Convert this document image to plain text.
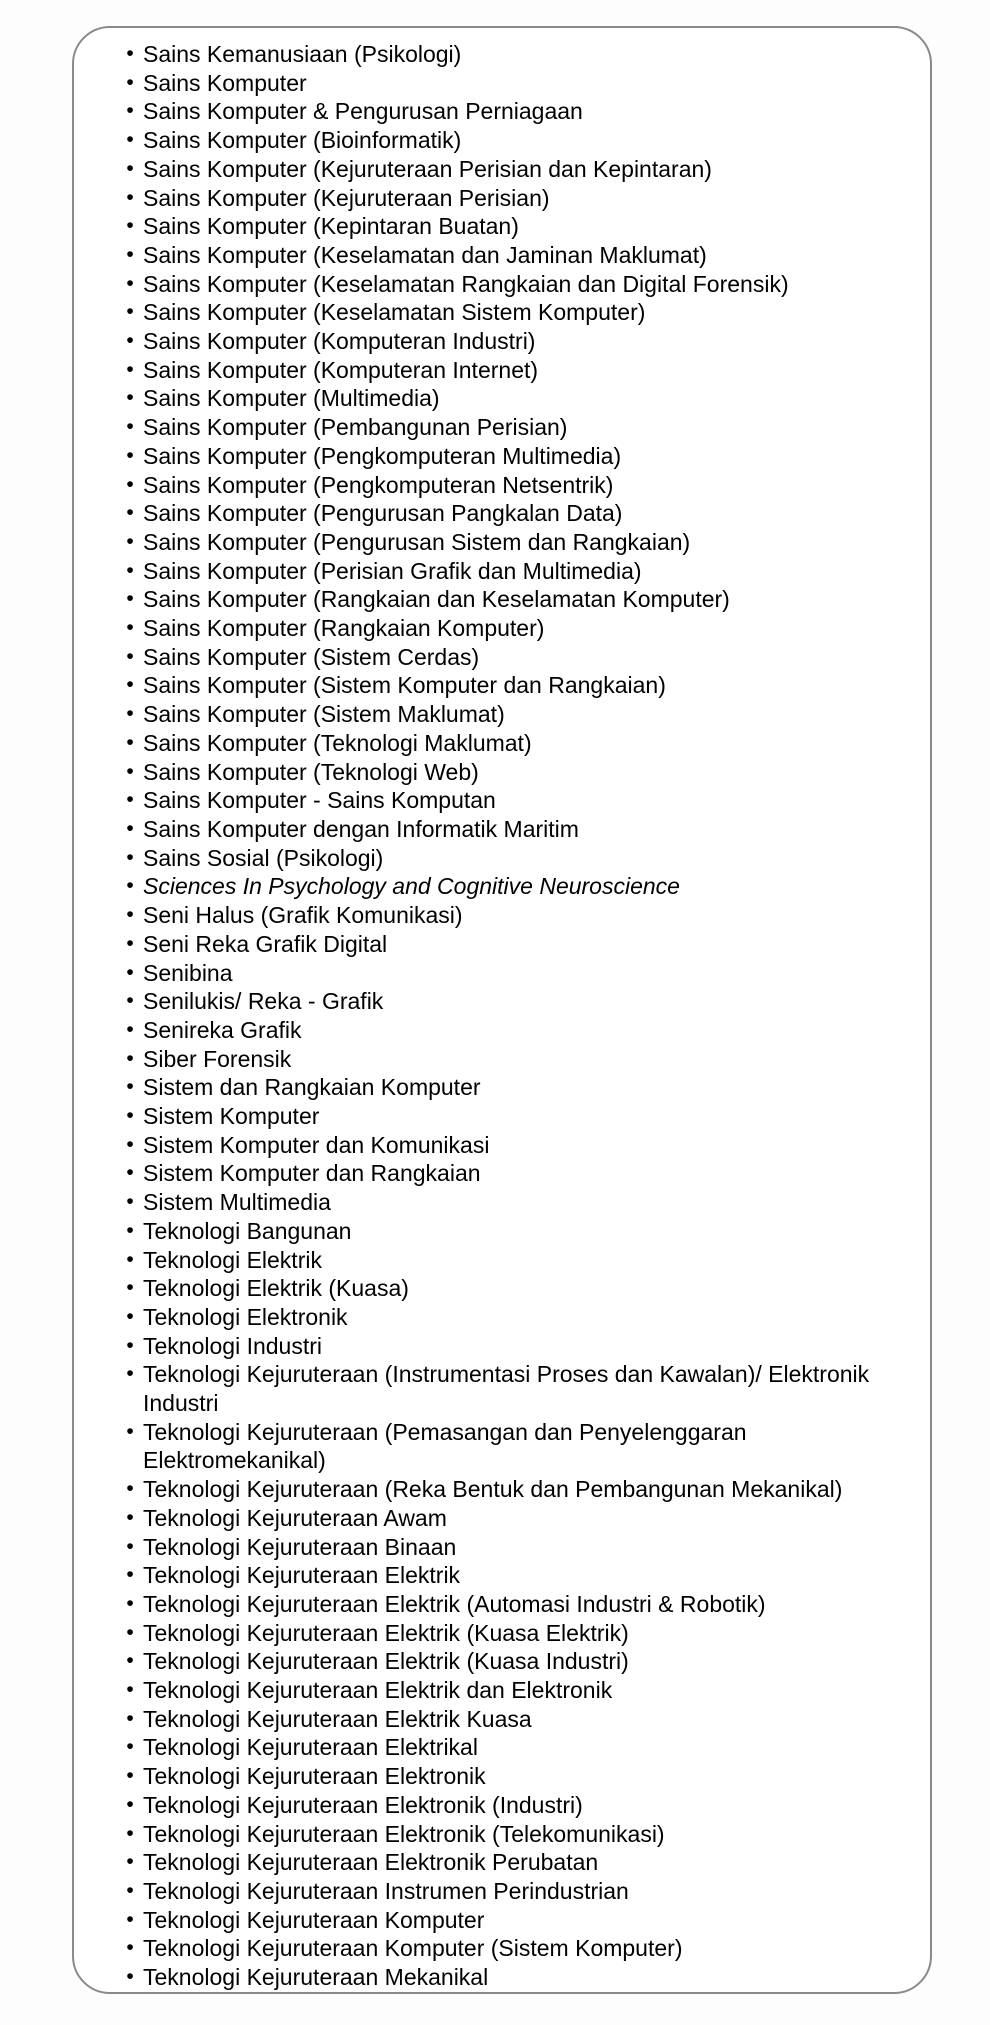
• Sains Kemanusiaan (Psikologi)
• Sains Komputer
• Sains Komputer & Pengurusan Perniagaan
• Sains Komputer (Bioinformatik)
• Sains Komputer (Kejuruteraan Perisian dan Kepintaran)
• Sains Komputer (Kejuruteraan Perisian)
• Sains Komputer (Kepintaran Buatan)
• Sains Komputer (Keselamatan dan Jaminan Maklumat)
• Sains Komputer (Keselamatan Rangkaian dan Digital Forensik)
• Sains Komputer (Keselamatan Sistem Komputer)
• Sains Komputer (Komputeran Industri)
• Sains Komputer (Komputeran Internet)
• Sains Komputer (Multimedia)
• Sains Komputer (Pembangunan Perisian)
• Sains Komputer (Pengkomputeran Multimedia)
• Sains Komputer (Pengkomputeran Netsentrik)
• Sains Komputer (Pengurusan Pangkalan Data)
• Sains Komputer (Pengurusan Sistem dan Rangkaian)
• Sains Komputer (Perisian Grafik dan Multimedia)
• Sains Komputer (Rangkaian dan Keselamatan Komputer)
• Sains Komputer (Rangkaian Komputer)
• Sains Komputer (Sistem Cerdas)
• Sains Komputer (Sistem Komputer dan Rangkaian)
• Sains Komputer (Sistem Maklumat)
• Sains Komputer (Teknologi Maklumat)
• Sains Komputer (Teknologi Web)
• Sains Komputer - Sains Komputan
• Sains Komputer dengan Informatik Maritim
• Sains Sosial (Psikologi)
• Sciences In Psychology and Cognitive Neuroscience
• Seni Halus (Grafik Komunikasi)
• Seni Reka Grafik Digital
• Senibina
• Senilukis/ Reka - Grafik
• Senireka Grafik
• Siber Forensik
• Sistem dan Rangkaian Komputer
• Sistem Komputer
• Sistem Komputer dan Komunikasi
• Sistem Komputer dan Rangkaian
• Sistem Multimedia
• Teknologi Bangunan
• Teknologi Elektrik
• Teknologi Elektrik (Kuasa)
• Teknologi Elektronik
• Teknologi Industri
• Teknologi Kejuruteraan (Instrumentasi Proses dan Kawalan)/ Elektronik Industri
• Teknologi Kejuruteraan (Pemasangan dan Penyelenggaran Elektromekanikal)
• Teknologi Kejuruteraan (Reka Bentuk dan Pembangunan Mekanikal)
• Teknologi Kejuruteraan Awam
• Teknologi Kejuruteraan Binaan
• Teknologi Kejuruteraan Elektrik
• Teknologi Kejuruteraan Elektrik (Automasi Industri & Robotik)
• Teknologi Kejuruteraan Elektrik (Kuasa Elektrik)
• Teknologi Kejuruteraan Elektrik (Kuasa Industri)
• Teknologi Kejuruteraan Elektrik dan Elektronik
• Teknologi Kejuruteraan Elektrik Kuasa
• Teknologi Kejuruteraan Elektrikal
• Teknologi Kejuruteraan Elektronik
• Teknologi Kejuruteraan Elektronik (Industri)
• Teknologi Kejuruteraan Elektronik (Telekomunikasi)
• Teknologi Kejuruteraan Elektronik Perubatan
• Teknologi Kejuruteraan Instrumen Perindustrian
• Teknologi Kejuruteraan Komputer
• Teknologi Kejuruteraan Komputer (Sistem Komputer)
• Teknologi Kejuruteraan Mekanikal
